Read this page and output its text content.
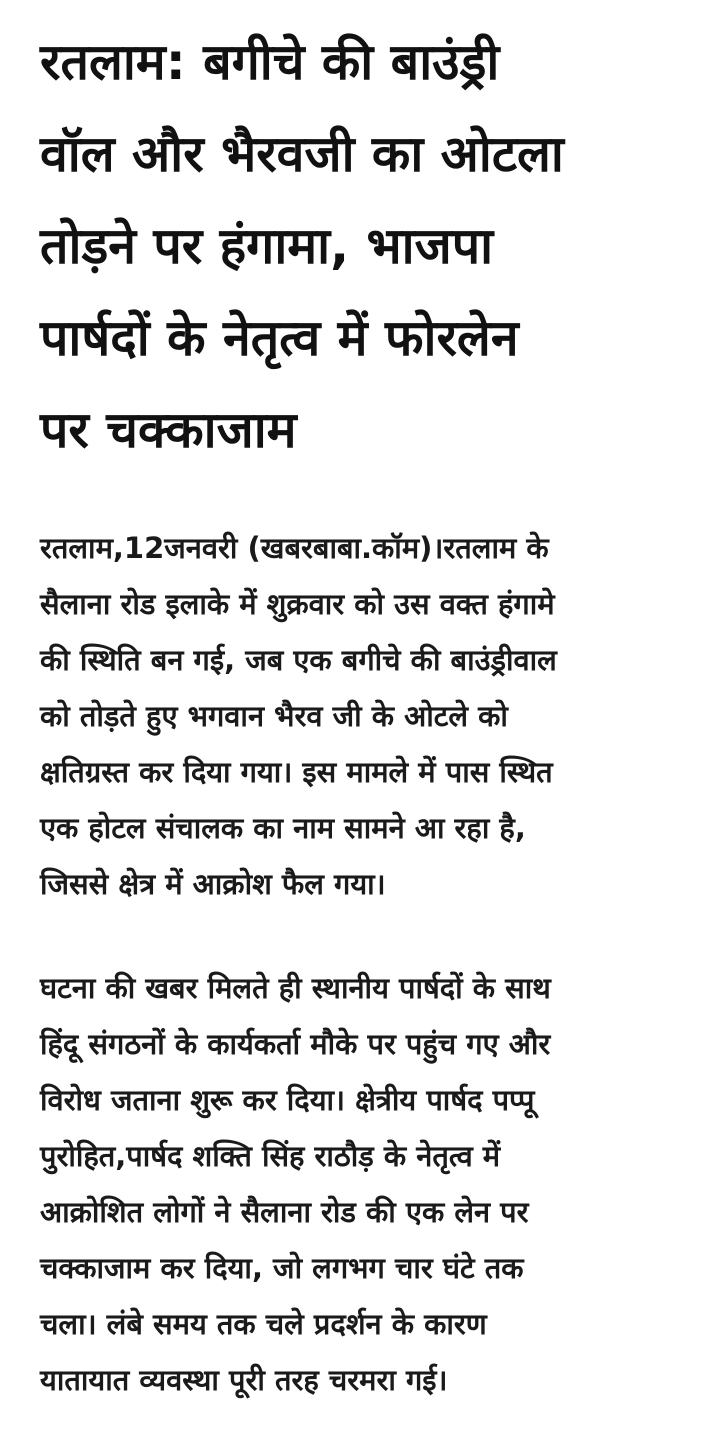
रतलाम: बगीचे की बाउंड्री
वॉल और भैरवजी का ओटला
तोड़ने पर हंगामा, भाजपा
पार्षदों के नेतृत्व में फोरलेन
पर चक्काजाम

रतलाम,12जनवरी (खबरबाबा.कॉम)।रतलाम के
सैलाना रोड इलाके में शुक्रवार को उस वक्त हंगामे
की स्थिति बन गई, जब एक बगीचे की बाउंड्रीवाल
को तोड़ते हुए भगवान भैरव जी के ओटले को
क्षतिग्रस्त कर दिया गया। इस मामले में पास स्थित
एक होटल संचालक का नाम सामने आ रहा है,
जिससे क्षेत्र में आक्रोश फैल गया।

घटना की खबर मिलते ही स्थानीय पार्षदों के साथ
हिंदू संगठनों के कार्यकर्ता मौके पर पहुंच गए और
विरोध जताना शुरू कर दिया। क्षेत्रीय पार्षद पप्पू
पुरोहित,पार्षद शक्ति सिंह राठौड़ के नेतृत्व में
आक्रोशित लोगों ने सैलाना रोड की एक लेन पर
चक्काजाम कर दिया, जो लगभग चार घंटे तक
चला। लंबे समय तक चले प्रदर्शन के कारण
यातायात व्यवस्था पूरी तरह चरमरा गई।
